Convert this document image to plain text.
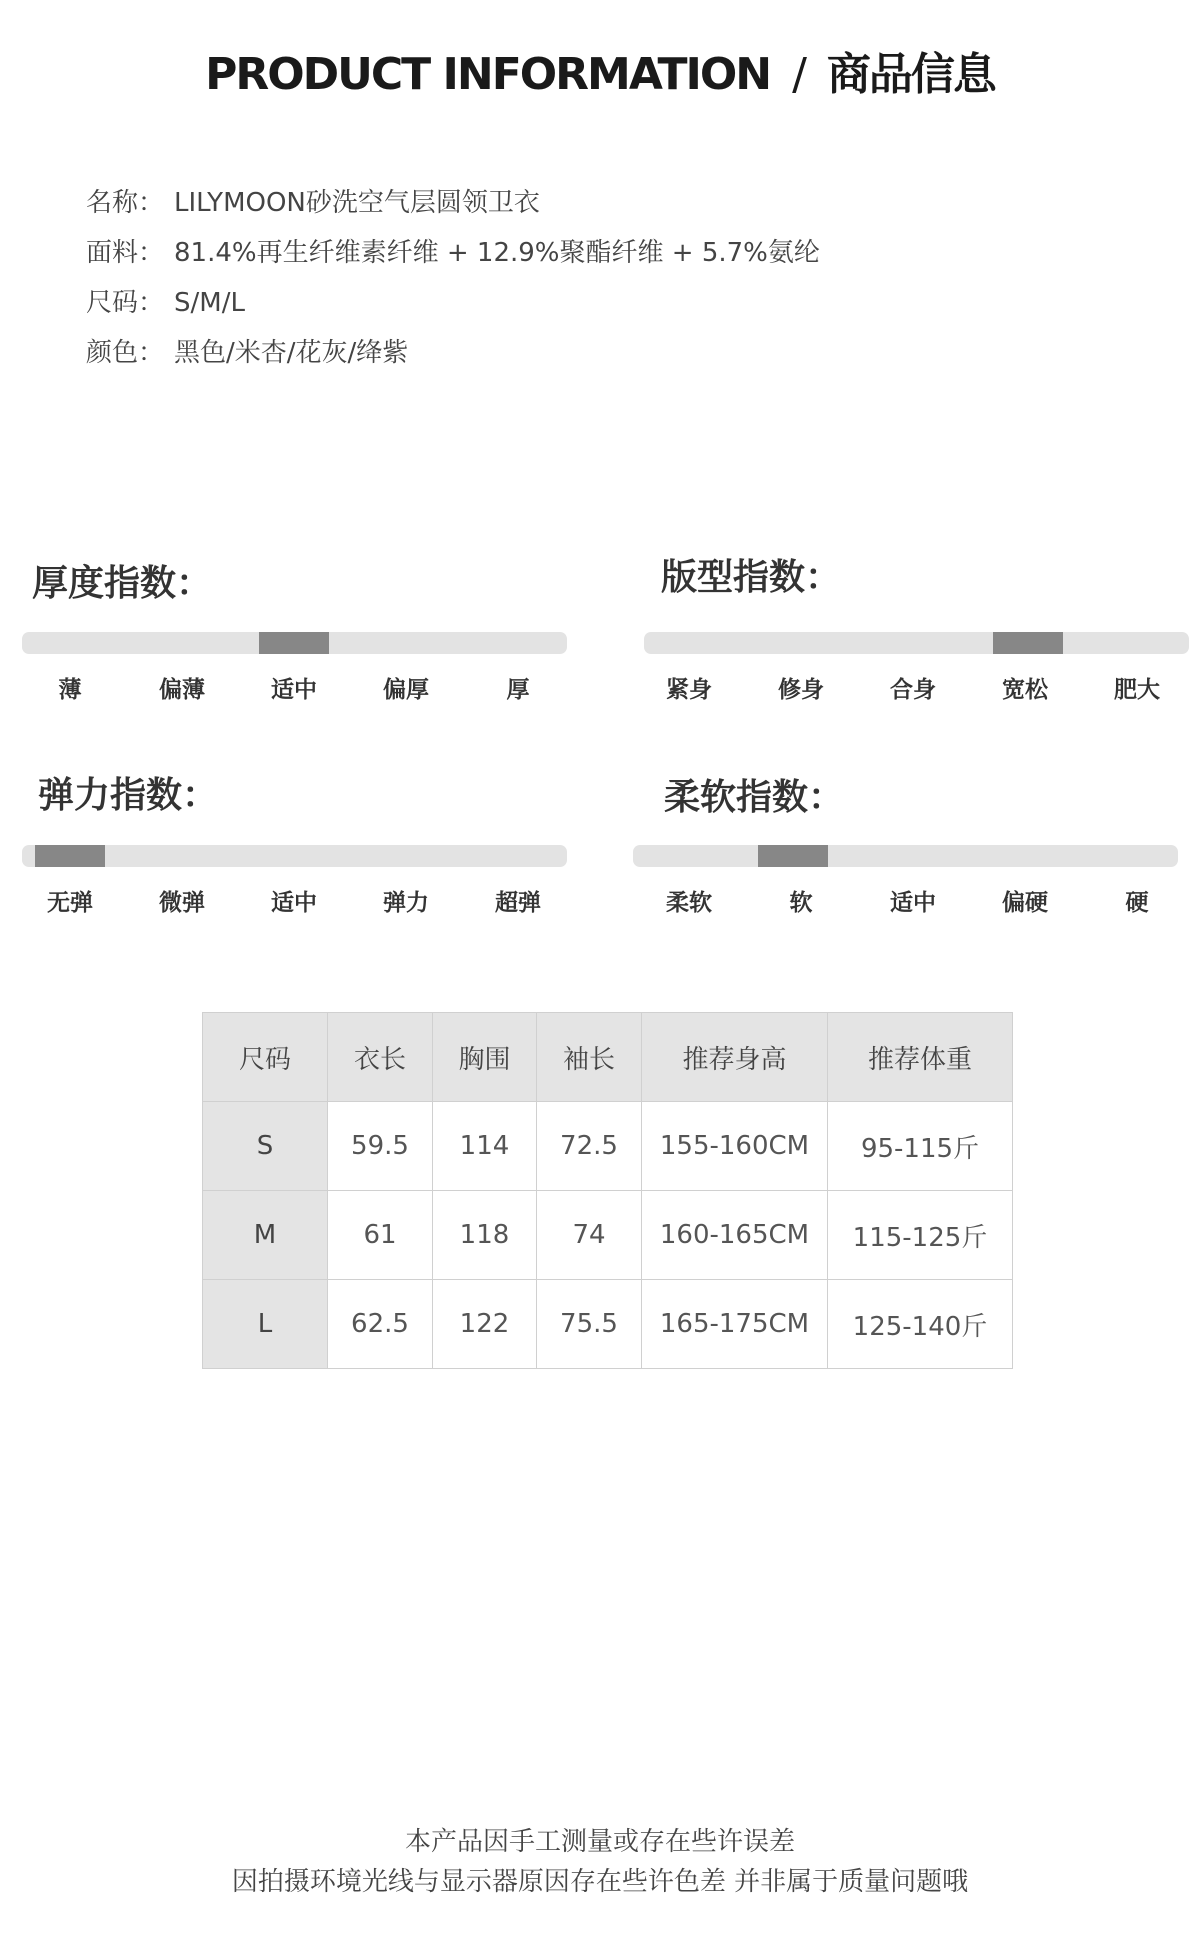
PRODUCT INFORMATION / 商品信息
名称： LILYMOON砂洗空气层圆领卫衣
面料： 81.4%再生纤维素纤维 + 12.9%聚酯纤维 + 5.7%氨纶
尺码： S/M/L
颜色： 黑色/米杏/花灰/绛紫
厚度指数：
薄	偏薄	适中	偏厚	厚
版型指数：
紧身	修身	合身	宽松	肥大
弹力指数：
无弹	微弹	适中	弹力	超弹
柔软指数：
柔软	软	适中	偏硬	硬
尺码	衣长	胸围	袖长	推荐身高	推荐体重
S	59.5	114	72.5	155-160CM	95-115斤
M	61	118	74	160-165CM	115-125斤
L	62.5	122	75.5	165-175CM	125-140斤
本产品因手工测量或存在些许误差
因拍摄环境光线与显示器原因存在些许色差 并非属于质量问题哦
